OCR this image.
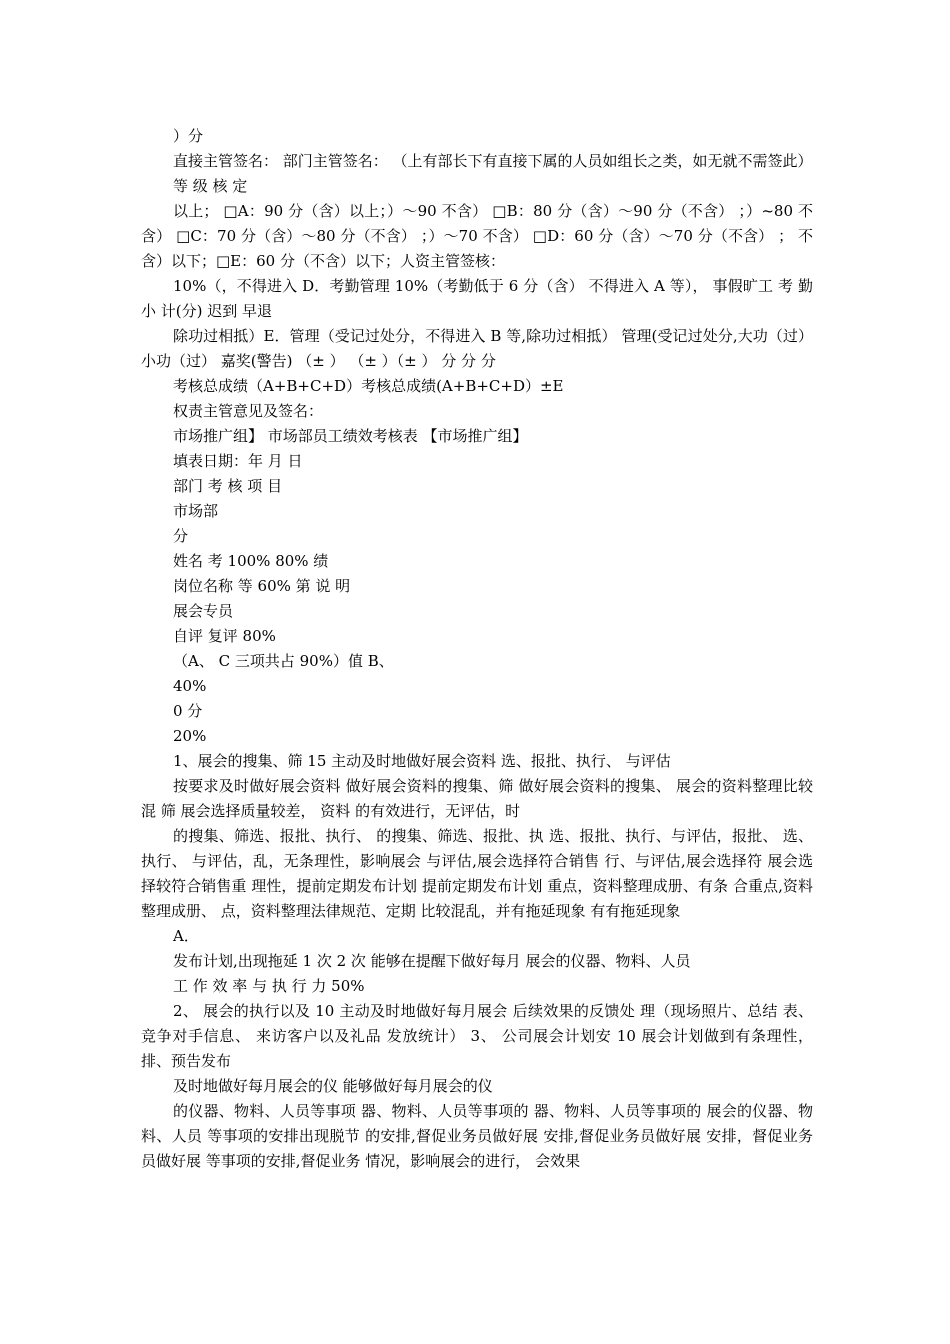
）分

直接主管签名： 部门主管签名： （上有部长下有直接下属的人员如组长之类，如无就不需签此）

等 级 核 定

以上； □A：90 分（含）以上；）～90 不含） □B：80 分（含）～90 分（不含） ；）~80 不含） □C：70 分（含）～80 分（不含） ；）～70 不含） □D：60 分（含）～70 分（不含） ； 不含）以下；□E：60 分（不含）以下；人资主管签核：

10%（，不得进入 D．考勤管理 10%（考勤低于 6 分（含） 不得进入 A 等）， 事假旷工 考 勤 小 计(分) 迟到 早退

除功过相抵）E．管理（受记过处分，不得进入 B 等,除功过相抵） 管理(受记过处分,大功（过） 小功（过） 嘉奖(警告) （± ） （± ）（± ） 分 分 分

考核总成绩（A+B+C+D）考核总成绩(A+B+C+D）±E

权责主管意见及签名：

市场推广组】 市场部员工绩效考核表 【市场推广组】

填表日期：年 月 日

部门 考 核 项 目

市场部

分

姓名 考 100% 80% 绩

岗位名称 等 60% 第 说 明

展会专员

自评 复评 80%

（A、 C 三项共占 90%）值 B、

40%

0 分

20%

1、展会的搜集、筛 15 主动及时地做好展会资料 选、报批、执行、 与评估

按要求及时做好展会资料 做好展会资料的搜集、筛 做好展会资料的搜集、 展会的资料整理比较混 筛 展会选择质量较差， 资料 的有效进行，无评估，时

的搜集、筛选、报批、执行、 的搜集、筛选、报批、执 选、报批、执行、与评估，报批、 选、 执行、 与评估，乱，无条理性，影响展会 与评估,展会选择符合销售 行、与评估,展会选择符 展会选择较符合销售重 理性，提前定期发布计划 提前定期发布计划 重点，资料整理成册、有条 合重点,资料整理成册、 点，资料整理法律规范、定期 比较混乱，并有拖延现象 有有拖延现象

A．

发布计划,出现拖延 1 次 2 次 能够在提醒下做好每月 展会的仪器、物料、人员

工 作 效 率 与 执 行 力 50%

2、 展会的执行以及 10 主动及时地做好每月展会 后续效果的反馈处 理（现场照片、总结 表、 竞争对手信息、 来访客户以及礼品 发放统计） 3、 公司展会计划安 10 展会计划做到有条理性，排、预告发布

及时地做好每月展会的仪 能够做好每月展会的仪

的仪器、物料、人员等事项 器、物料、人员等事项的 器、物料、人员等事项的 展会的仪器、物料、人员 等事项的安排出现脱节 的安排,督促业务员做好展 安排,督促业务员做好展 安排，督促业务员做好展 等事项的安排,督促业务 情况，影响展会的进行， 会效果
